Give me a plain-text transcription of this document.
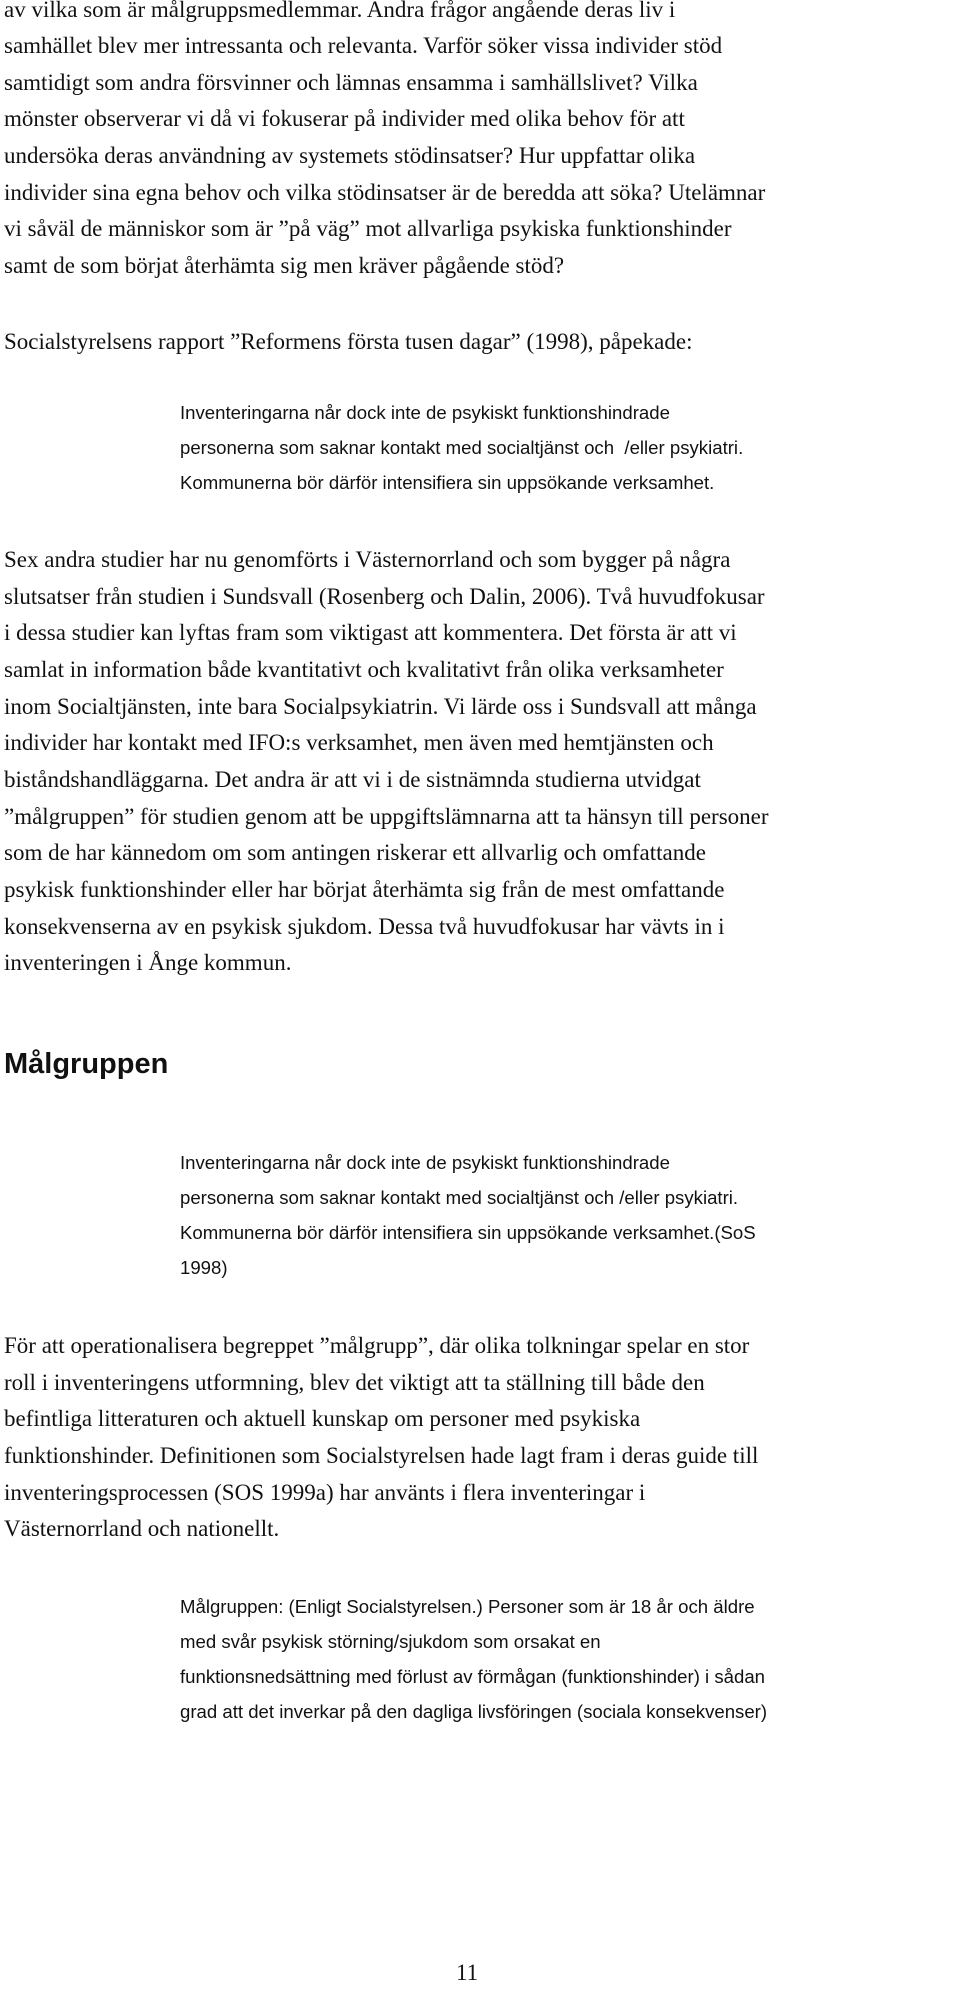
av vilka som är målgruppsmedlemmar. Andra frågor angående deras liv i

samhället blev mer intressanta och relevanta. Varför söker vissa individer stöd

samtidigt som andra försvinner och lämnas ensamma i samhällslivet? Vilka

mönster observerar vi då vi fokuserar på individer med olika behov för att

undersöka deras användning av systemets stödinsatser? Hur uppfattar olika

individer sina egna behov och vilka stödinsatser är de beredda att söka? Utelämnar

vi såväl de människor som är ”på väg” mot allvarliga psykiska funktionshinder

samt de som börjat återhämta sig men kräver pågående stöd?

Socialstyrelsens rapport ”Reformens första tusen dagar” (1998), påpekade:

Inventeringarna når dock inte de psykiskt funktionshindrade

personerna som saknar kontakt med socialtjänst och  /eller psykiatri.

Kommunerna bör därför intensifiera sin uppsökande verksamhet.

Sex andra studier har nu genomförts i Västernorrland och som bygger på några

slutsatser från studien i Sundsvall (Rosenberg och Dalin, 2006). Två huvudfokusar

i dessa studier kan lyftas fram som viktigast att kommentera. Det första är att vi

samlat in information både kvantitativt och kvalitativt från olika verksamheter

inom Socialtjänsten, inte bara Socialpsykiatrin. Vi lärde oss i Sundsvall att många

individer har kontakt med IFO:s verksamhet, men även med hemtjänsten och

biståndshandläggarna. Det andra är att vi i de sistnämnda studierna utvidgat

”målgruppen” för studien genom att be uppgiftslämnarna att ta hänsyn till personer

som de har kännedom om som antingen riskerar ett allvarlig och omfattande

psykisk funktionshinder eller har börjat återhämta sig från de mest omfattande

konsekvenserna av en psykisk sjukdom. Dessa två huvudfokusar har vävts in i

inventeringen i Ånge kommun.

Målgruppen

Inventeringarna når dock inte de psykiskt funktionshindrade

personerna som saknar kontakt med socialtjänst och /eller psykiatri.

Kommunerna bör därför intensifiera sin uppsökande verksamhet.(SoS

1998)

För att operationalisera begreppet ”målgrupp”, där olika tolkningar spelar en stor

roll i inventeringens utformning, blev det viktigt att ta ställning till både den

befintliga litteraturen och aktuell kunskap om personer med psykiska

funktionshinder. Definitionen som Socialstyrelsen hade lagt fram i deras guide till

inventeringsprocessen (SOS 1999a) har använts i flera inventeringar i

Västernorrland och nationellt.

Målgruppen: (Enligt Socialstyrelsen.) Personer som är 18 år och äldre

med svår psykisk störning/sjukdom som orsakat en

funktionsnedsättning med förlust av förmågan (funktionshinder) i sådan

grad att det inverkar på den dagliga livsföringen (sociala konsekvenser)

11
